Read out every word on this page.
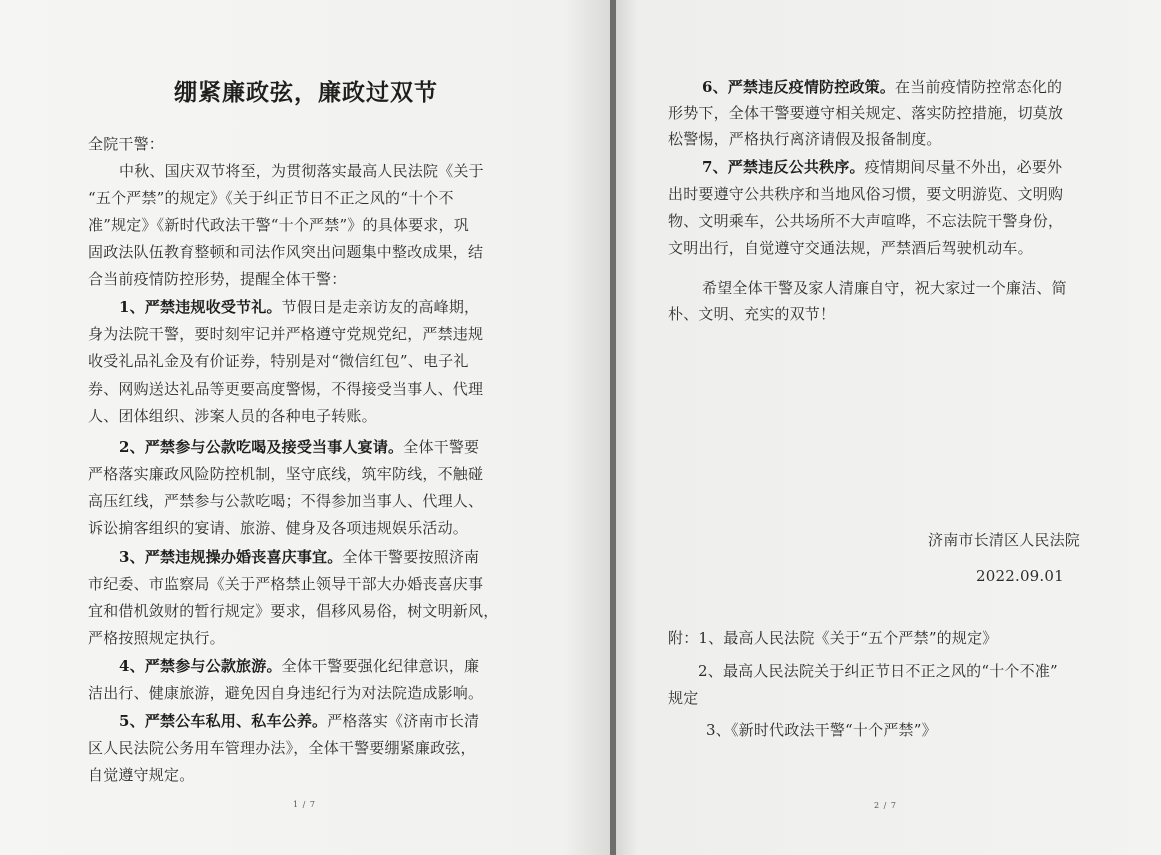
绷紧廉政弦，廉政过双节
全院干警：
中秋、国庆双节将至，为贯彻落实最高人民法院《关于
“五个严禁”的规定》《关于纠正节日不正之风的“十个不
准”规定》《新时代政法干警“十个严禁”》的具体要求，巩
固政法队伍教育整顿和司法作风突出问题集中整改成果，结
合当前疫情防控形势，提醒全体干警：
1、严禁违规收受节礼。节假日是走亲访友的高峰期，
身为法院干警，要时刻牢记并严格遵守党规党纪，严禁违规
收受礼品礼金及有价证券，特别是对“微信红包”、电子礼
券、网购送达礼品等更要高度警惕，不得接受当事人、代理
人、团体组织、涉案人员的各种电子转账。
2、严禁参与公款吃喝及接受当事人宴请。全体干警要
严格落实廉政风险防控机制，坚守底线，筑牢防线，不触碰
高压红线，严禁参与公款吃喝；不得参加当事人、代理人、
诉讼掮客组织的宴请、旅游、健身及各项违规娱乐活动。
3、严禁违规操办婚丧喜庆事宜。全体干警要按照济南
市纪委、市监察局《关于严格禁止领导干部大办婚丧喜庆事
宜和借机敛财的暂行规定》要求，倡移风易俗，树文明新风，
严格按照规定执行。
4、严禁参与公款旅游。全体干警要强化纪律意识，廉
洁出行、健康旅游，避免因自身违纪行为对法院造成影响。
5、严禁公车私用、私车公养。严格落实《济南市长清
区人民法院公务用车管理办法》，全体干警要绷紧廉政弦，
自觉遵守规定。
1 / 7
6、严禁违反疫情防控政策。在当前疫情防控常态化的
形势下，全体干警要遵守相关规定、落实防控措施，切莫放
松警惕，严格执行离济请假及报备制度。
7、严禁违反公共秩序。疫情期间尽量不外出，必要外
出时要遵守公共秩序和当地风俗习惯，要文明游览、文明购
物、文明乘车，公共场所不大声喧哗，不忘法院干警身份，
文明出行，自觉遵守交通法规，严禁酒后驾驶机动车。
希望全体干警及家人清廉自守，祝大家过一个廉洁、简
朴、文明、充实的双节！
济南市长清区人民法院
2022.09.01
附：1、最高人民法院《关于“五个严禁”的规定》
2、最高人民法院关于纠正节日不正之风的“十个不准”
规定
3、《新时代政法干警“十个严禁”》
2 / 7
